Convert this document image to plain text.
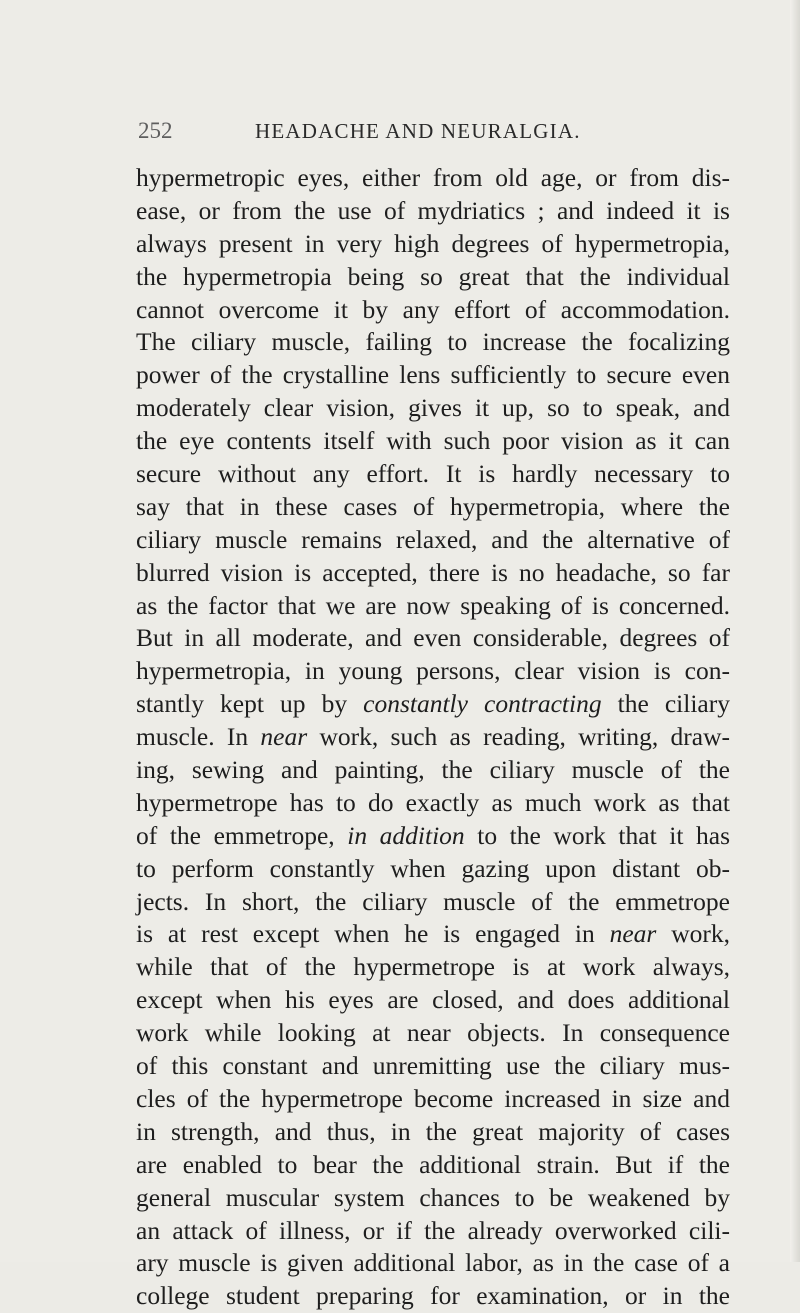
252	HEADACHE AND NEURALGIA.
hypermetropic eyes, either from old age, or from dis-
ease, or from the use of mydriatics ; and indeed it is
always present in very high degrees of hypermetropia,
the hypermetropia being so great that the individual
cannot overcome it by any effort of accommodation.
The ciliary muscle, failing to increase the focalizing
power of the crystalline lens sufficiently to secure even
moderately clear vision, gives it up, so to speak, and
the eye contents itself with such poor vision as it can
secure without any effort. It is hardly necessary to
say that in these cases of hypermetropia, where the
ciliary muscle remains relaxed, and the alternative of
blurred vision is accepted, there is no headache, so far
as the factor that we are now speaking of is concerned.
But in all moderate, and even considerable, degrees of
hypermetropia, in young persons, clear vision is con-
stantly kept up by constantly contracting the ciliary
muscle. In near work, such as reading, writing, draw-
ing, sewing and painting, the ciliary muscle of the
hypermetrope has to do exactly as much work as that
of the emmetrope, in addition to the work that it has
to perform constantly when gazing upon distant ob-
jects. In short, the ciliary muscle of the emmetrope
is at rest except when he is engaged in near work,
while that of the hypermetrope is at work always,
except when his eyes are closed, and does additional
work while looking at near objects. In consequence
of this constant and unremitting use the ciliary mus-
cles of the hypermetrope become increased in size and
in strength, and thus, in the great majority of cases
are enabled to bear the additional strain. But if the
general muscular system chances to be weakened by
an attack of illness, or if the already overworked cili-
ary muscle is given additional labor, as in the case of a
college student preparing for examination, or in the
